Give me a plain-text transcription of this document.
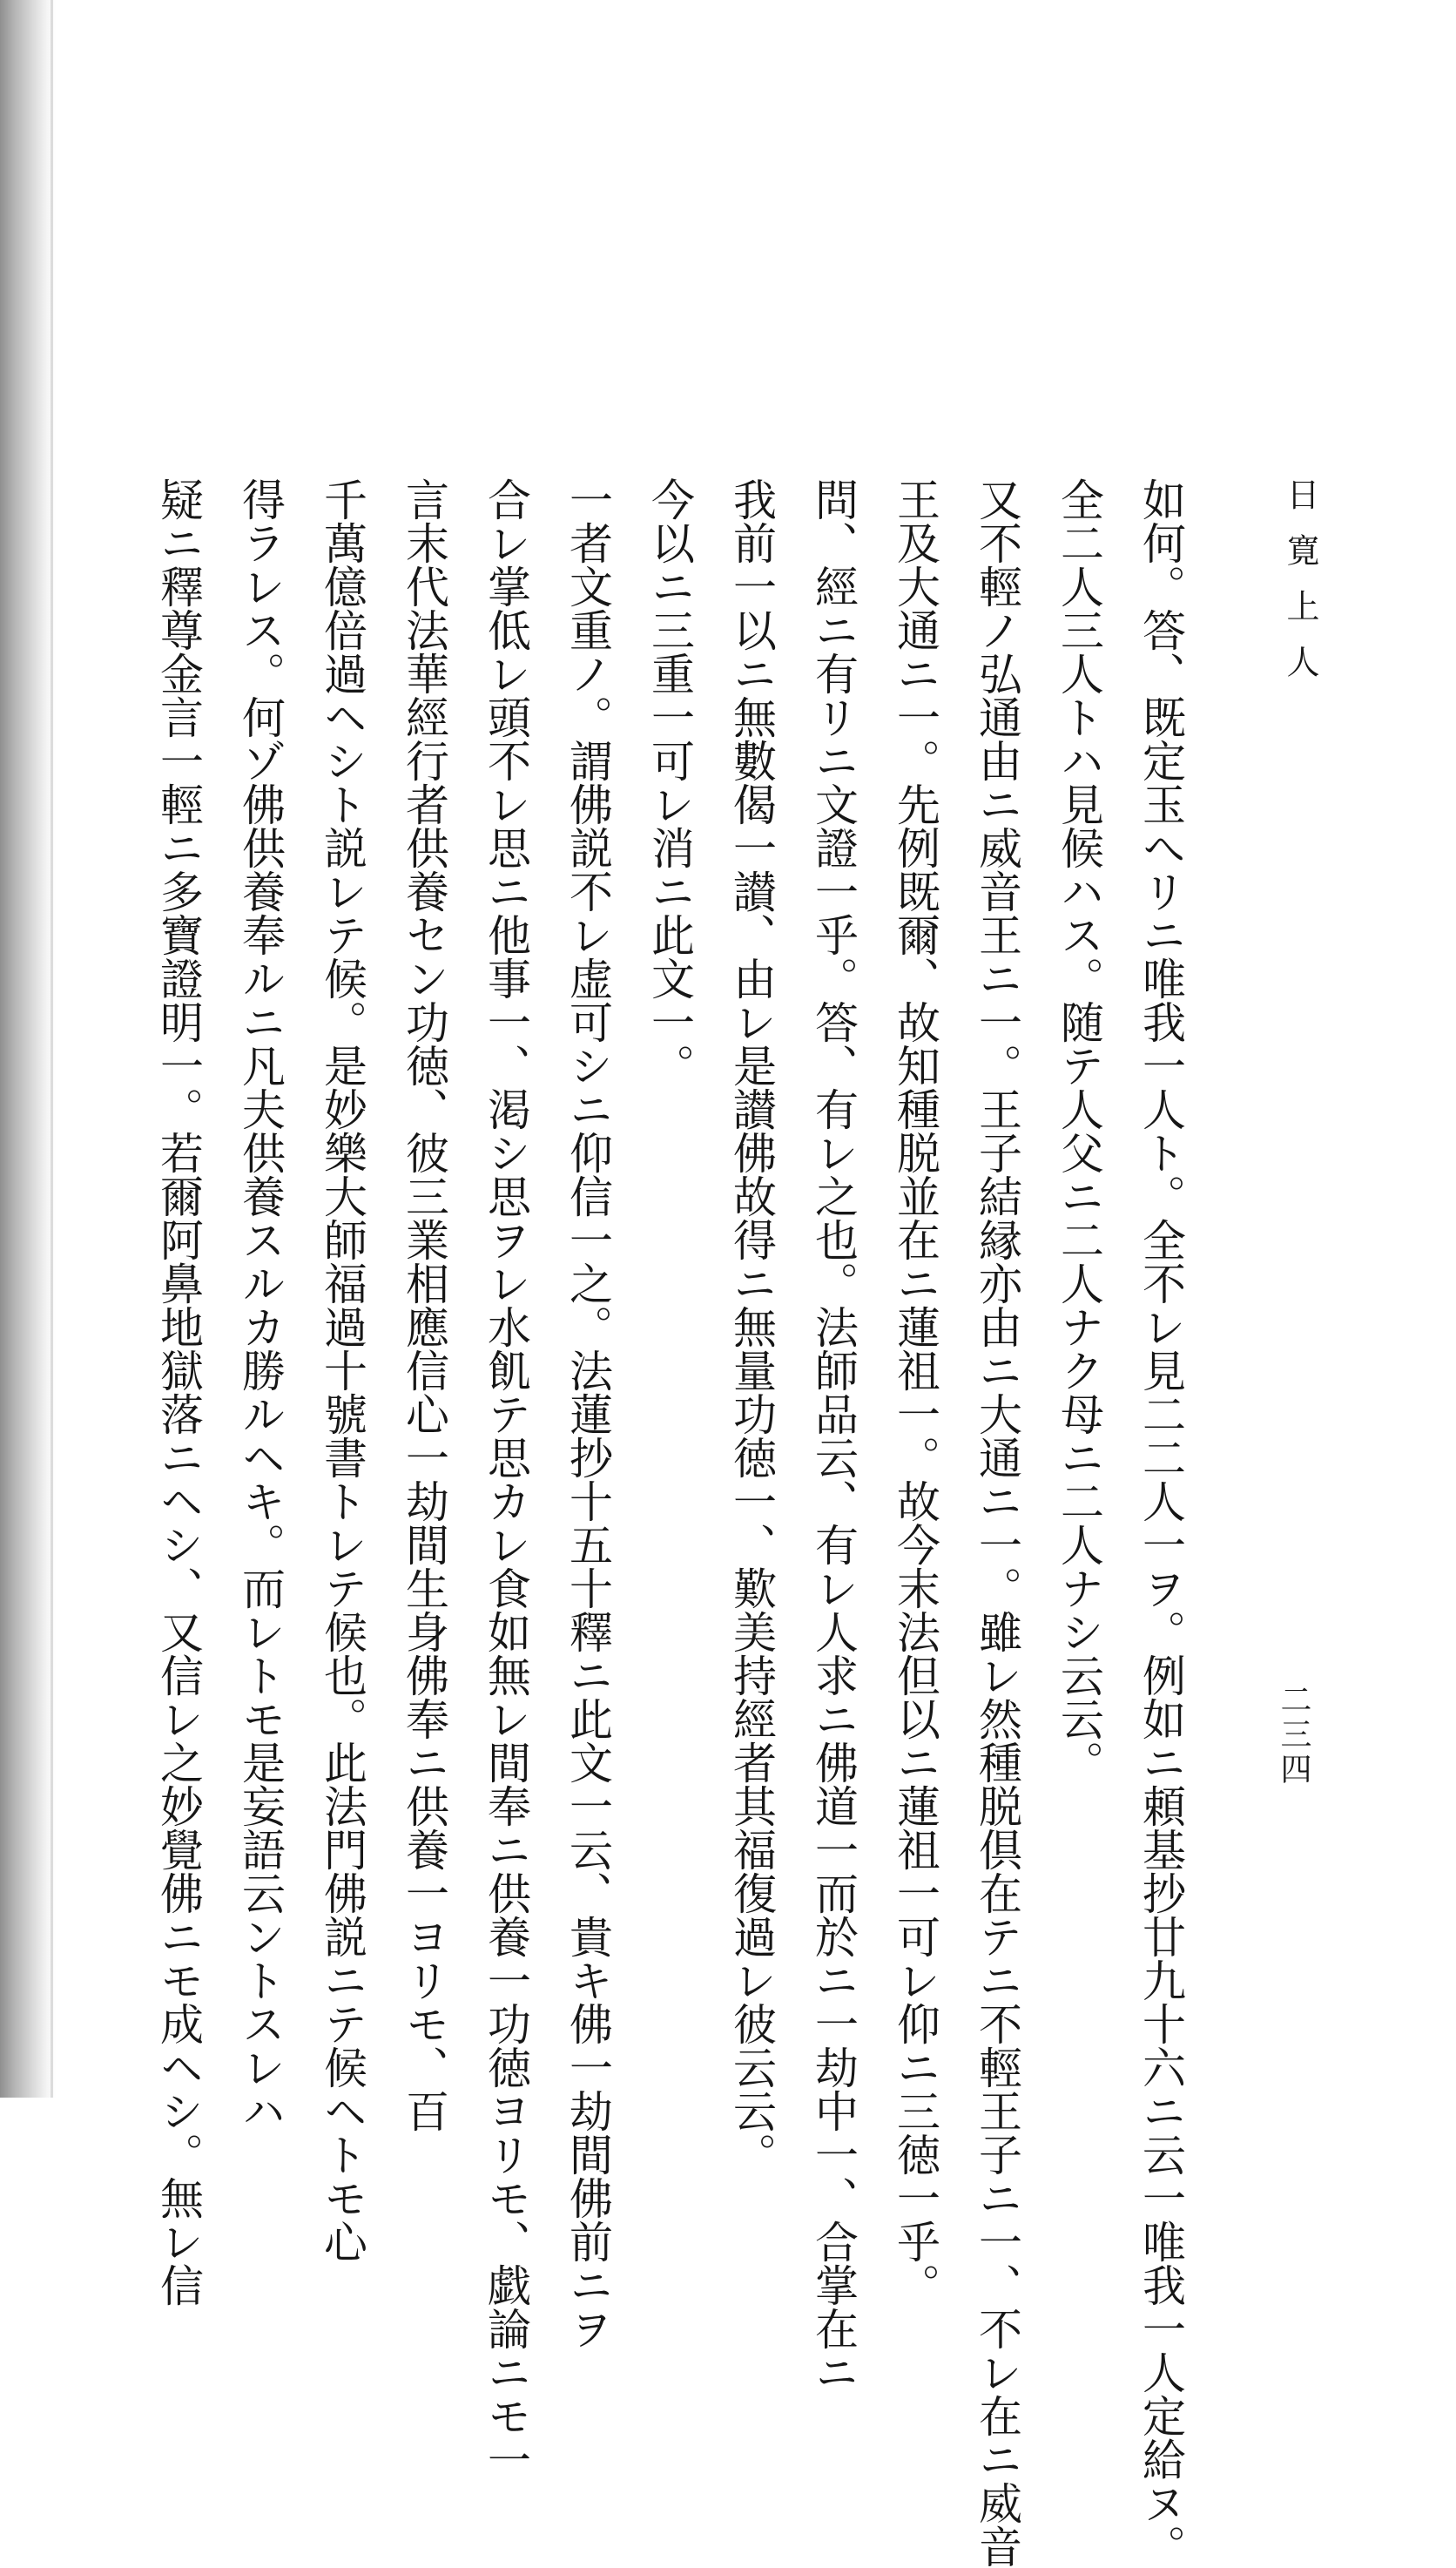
日寛上人
二三四
如何。答、既定玉へリニ唯我一人ト。全不レ見二二人一ヲ。例如ニ頼基抄廿九十六ニ云一唯我一人定給ヌ。
全二人三人トハ見候ハス。随テ人父ニ二人ナク母ニ二人ナシ云云。
又不輕ノ弘通由ニ威音王ニ一。王子結縁亦由ニ大通ニ一。雖レ然種脱倶在テニ不輕王子ニ一、不レ在ニ威音
王及大通ニ一。先例既爾、故知種脱並在ニ蓮祖一。故今末法但以ニ蓮祖一可レ仰ニ三徳一乎。
問、經ニ有リニ文證一乎。答、有レ之也。法師品云、有レ人求ニ佛道一而於ニ一劫中一、合掌在ニ
我前一以ニ無數偈一讃、由レ是讃佛故得ニ無量功徳一、歎美持經者其福復過レ彼云云。
今以ニ三重一可レ消ニ此文一。
一者文重ノ。謂佛説不レ虚可シニ仰信一之。法蓮抄十五十釋ニ此文一云、貴キ佛一劫間佛前ニヲ
合レ掌低レ頭不レ思ニ他事一、渇シ思ヲレ水飢テ思カレ食如無レ間奉ニ供養一功徳ヨリモ、戯論ニモ一
言末代法華經行者供養セン功徳、彼三業相應信心一劫間生身佛奉ニ供養一ヨリモ、百
千萬億倍過ヘシト説レテ候。是妙樂大師福過十號書トレテ候也。此法門佛説ニテ候ヘトモ心
得ラレス。何ゾ佛供養奉ルニ凡夫供養スルカ勝ルヘキ。而レトモ是妄語云ントスレハ
疑ニ釋尊金言一輕ニ多寶證明一。若爾阿鼻地獄落ニヘシ、又信レ之妙覺佛ニモ成ヘシ。無レ信
